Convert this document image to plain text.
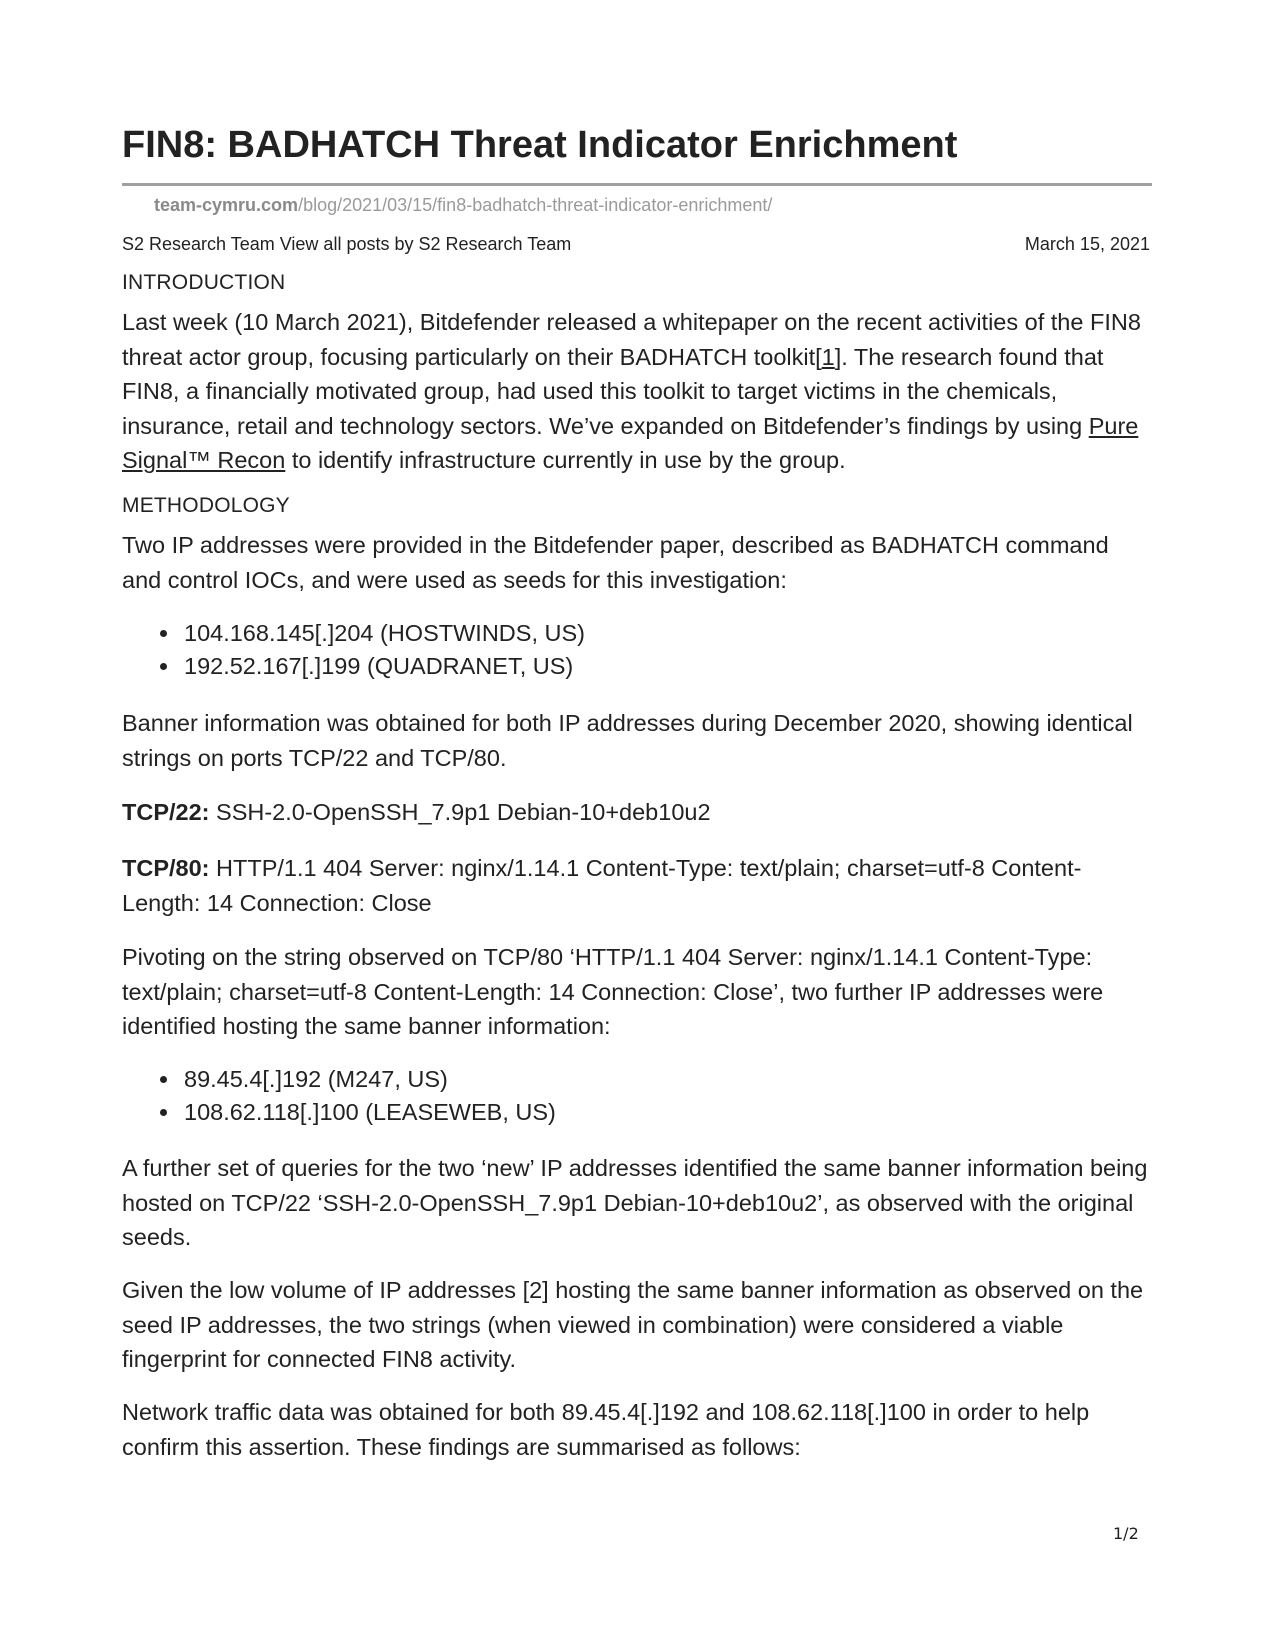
FIN8: BADHATCH Threat Indicator Enrichment
team-cymru.com/blog/2021/03/15/fin8-badhatch-threat-indicator-enrichment/
S2 Research Team View all posts by S2 Research Team	March 15, 2021
INTRODUCTION

Last week (10 March 2021), Bitdefender released a whitepaper on the recent activities of the FIN8 threat actor group, focusing particularly on their BADHATCH toolkit[1]. The research found that FIN8, a financially motivated group, had used this toolkit to target victims in the chemicals, insurance, retail and technology sectors. We’ve expanded on Bitdefender’s findings by using Pure Signal™ Recon to identify infrastructure currently in use by the group.

METHODOLOGY

Two IP addresses were provided in the Bitdefender paper, described as BADHATCH command and control IOCs, and were used as seeds for this investigation:

104.168.145[.]204 (HOSTWINDS, US)
192.52.167[.]199 (QUADRANET, US)

Banner information was obtained for both IP addresses during December 2020, showing identical strings on ports TCP/22 and TCP/80.

TCP/22: SSH-2.0-OpenSSH_7.9p1 Debian-10+deb10u2

TCP/80: HTTP/1.1 404 Server: nginx/1.14.1 Content-Type: text/plain; charset=utf-8 Content-Length: 14 Connection: Close

Pivoting on the string observed on TCP/80 ‘HTTP/1.1 404 Server: nginx/1.14.1 Content-Type: text/plain; charset=utf-8 Content-Length: 14 Connection: Close’, two further IP addresses were identified hosting the same banner information:

89.45.4[.]192 (M247, US)
108.62.118[.]100 (LEASEWEB, US)

A further set of queries for the two ‘new’ IP addresses identified the same banner information being hosted on TCP/22 ‘SSH-2.0-OpenSSH_7.9p1 Debian-10+deb10u2’, as observed with the original seeds.

Given the low volume of IP addresses [2] hosting the same banner information as observed on the seed IP addresses, the two strings (when viewed in combination) were considered a viable fingerprint for connected FIN8 activity.

Network traffic data was obtained for both 89.45.4[.]192 and 108.62.118[.]100 in order to help confirm this assertion. These findings are summarised as follows:

1/2
